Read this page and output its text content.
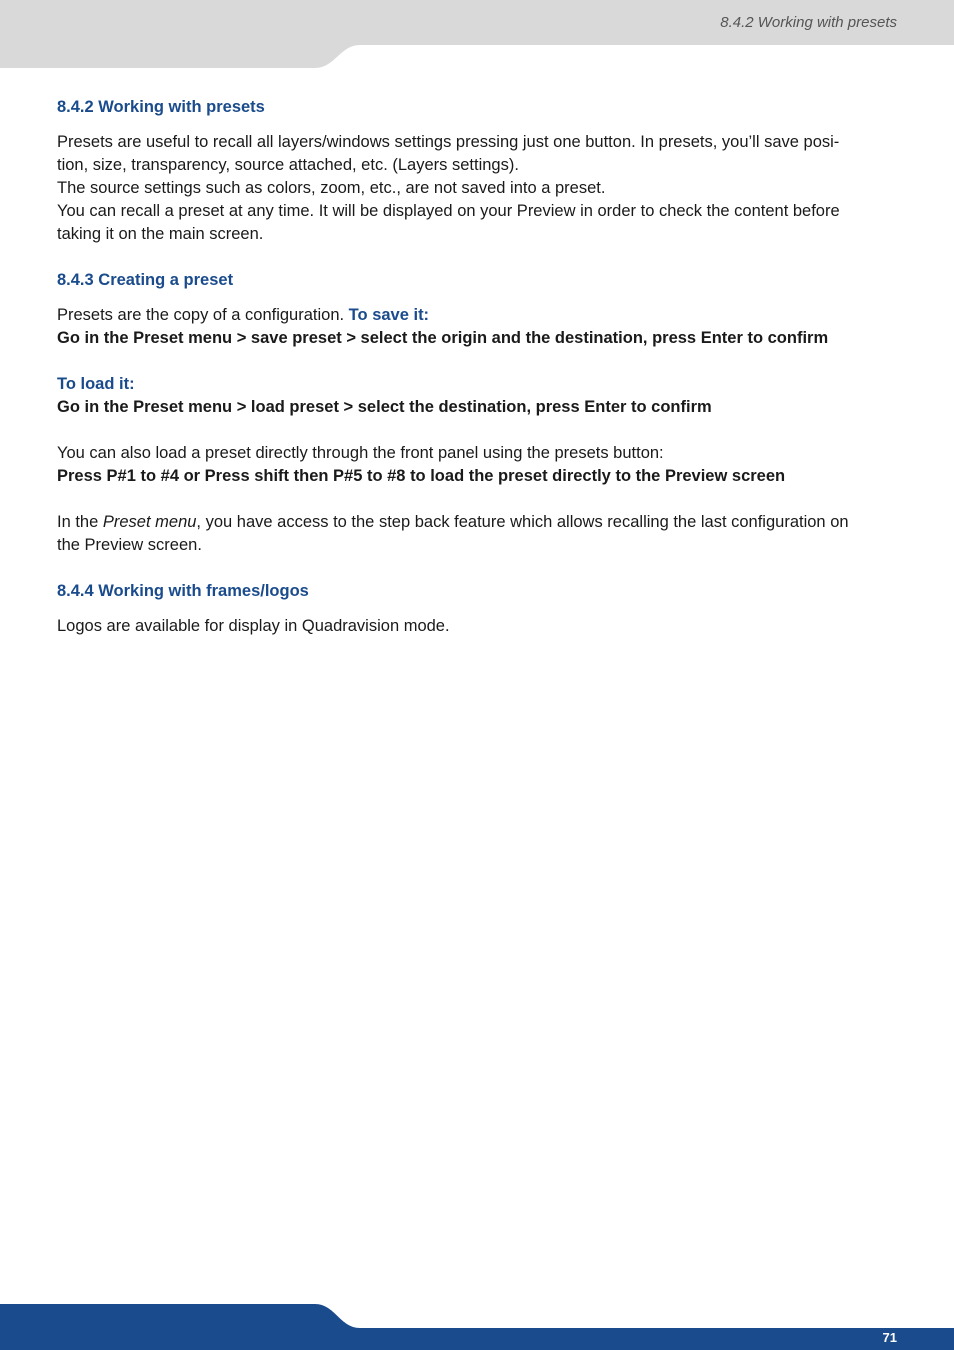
8.4.2 Working with presets
8.4.2 Working with presets

Presets are useful to recall all layers/windows settings pressing just one button. In presets, you’ll save posi-

tion, size, transparency, source attached, etc. (Layers settings).

The source settings such as colors, zoom, etc., are not saved into a preset.

You can recall a preset at any time. It will be displayed on your Preview in order to check the content before

taking it on the main screen.

8.4.3 Creating a preset

Presets are the copy of a configuration. To save it:

Go in the Preset menu > save preset > select the origin and the destination, press Enter to confirm

To load it:

Go in the Preset menu > load preset > select the destination, press Enter to confirm

You can also load a preset directly through the front panel using the presets button:

Press P#1 to #4 or Press shift then P#5 to #8 to load the preset directly to the Preview screen

In the Preset menu, you have access to the step back feature which allows recalling the last configuration on

the Preview screen.

8.4.4 Working with frames/logos

Logos are available for display in Quadravision mode.

71
